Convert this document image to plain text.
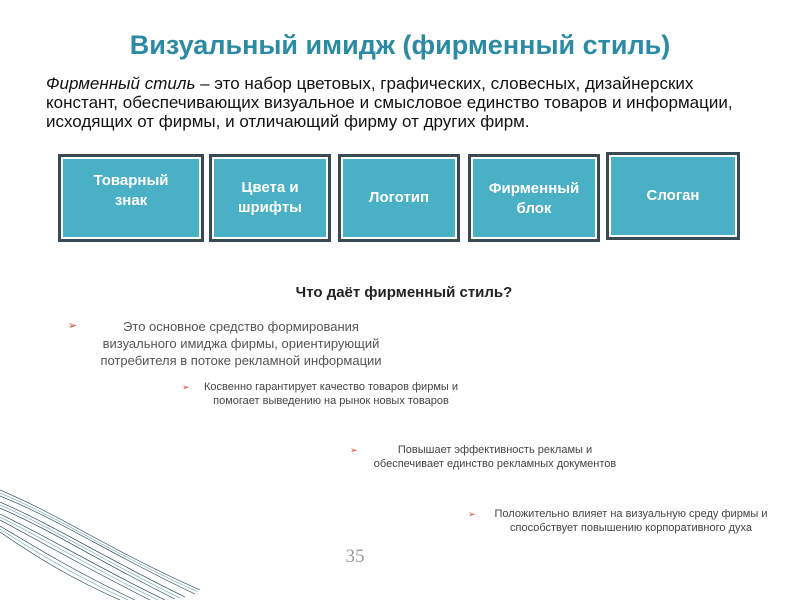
Визуальный имидж (фирменный стиль)
Фирменный стиль – это набор цветовых, графических, словесных, дизайнерских констант, обеспечивающих визуальное и смысловое единство товаров и информации, исходящих от фирмы, и отличающий фирму от других фирм.
Товарный
знак
Цвета и
шрифты
Логотип
Фирменный
блок
Слоган
Что даёт фирменный стиль?
➢	Это основное средство формирования визуального имиджа фирмы, ориентирующий потребителя в потоке рекламной информации
➢ Косвенно гарантирует качество товаров фирмы и помогает выведению на рынок новых товаров
➢	Повышает эффективность рекламы и обеспечивает единство рекламных документов
➢ Положительно влияет на визуальную среду фирмы и способствует повышению корпоративного духа
35
